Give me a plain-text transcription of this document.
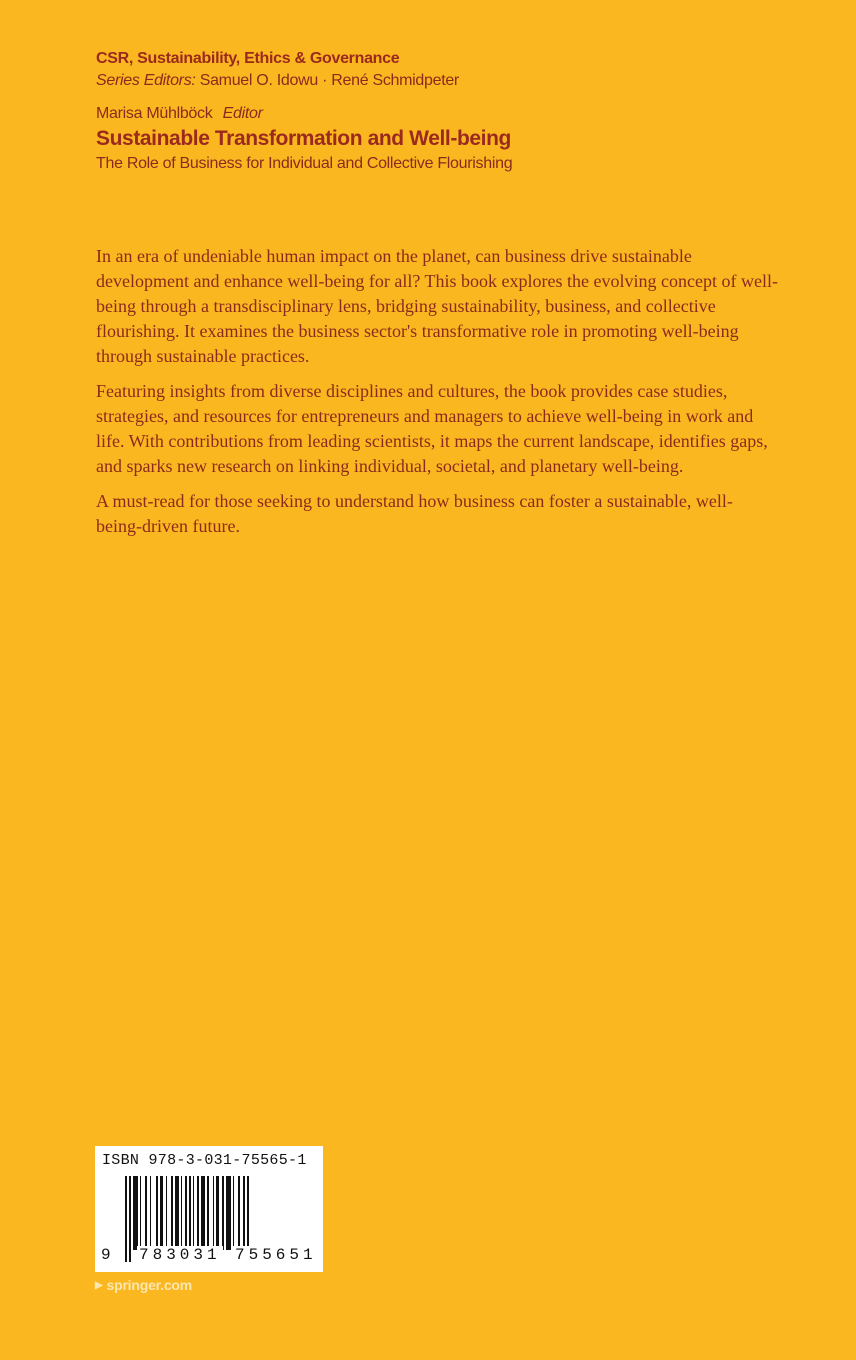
CSR, Sustainability, Ethics & Governance
Series Editors: Samuel O. Idowu · René Schmidpeter
Marisa Mühlböck Editor
Sustainable Transformation and Well-being
The Role of Business for Individual and Collective Flourishing

In an era of undeniable human impact on the planet, can business drive sustainable development and enhance well-being for all? This book explores the evolving concept of well-being through a transdisciplinary lens, bridging sustainability, business, and collective flourishing. It examines the business sector's transformative role in promoting well-being through sustainable practices.

Featuring insights from diverse disciplines and cultures, the book provides case studies, strategies, and resources for entrepreneurs and managers to achieve well-being in work and life. With contributions from leading scientists, it maps the current landscape, identifies gaps, and sparks new research on linking individual, societal, and planetary well-being.

A must-read for those seeking to understand how business can foster a sustainable, well-being-driven future.

ISBN 978-3-031-75565-1
9 783031 755651
▶ springer.com
